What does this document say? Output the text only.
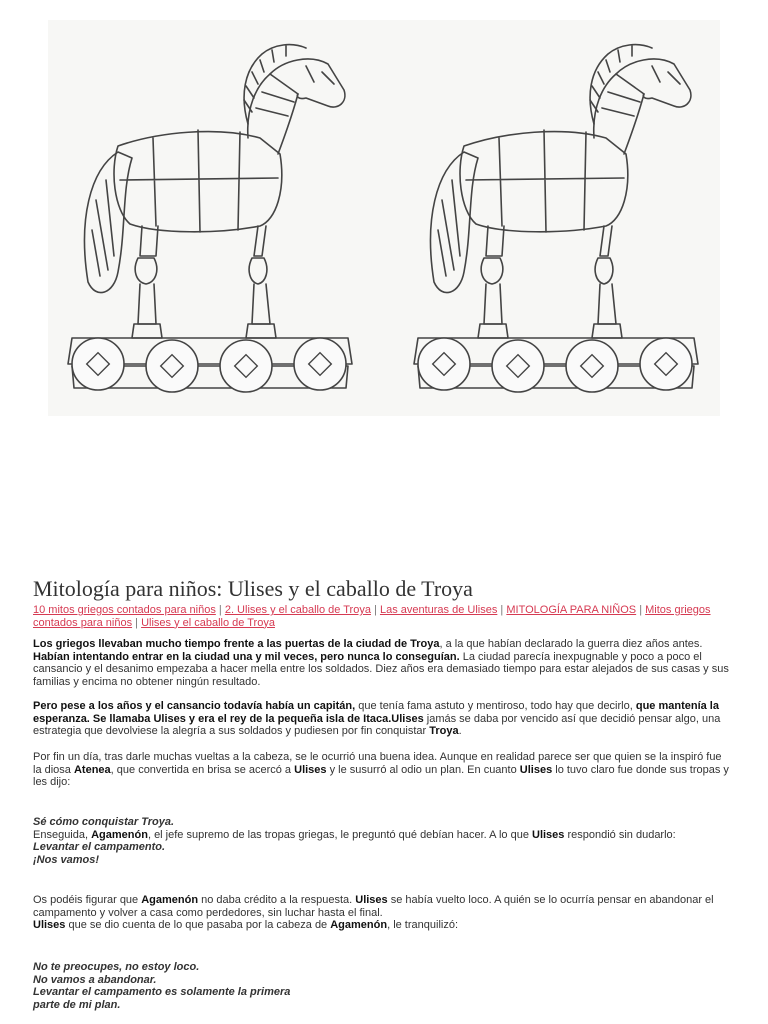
Mitología para niños: Ulises y el caballo de Troya
10 mitos griegos contados para niños | 2. Ulises y el caballo de Troya | Las aventuras de Ulises | MITOLOGÍA PARA NIÑOS | Mitos griegos contados para niños | Ulises y el caballo de Troya

Los griegos llevaban mucho tiempo frente a las puertas de la ciudad de Troya, a la que habían declarado la guerra diez años antes. Habían intentando entrar en la ciudad una y mil veces, pero nunca lo conseguían. La ciudad parecía inexpugnable y poco a poco el cansancio y el desanimo empezaba a hacer mella entre los soldados. Diez años era demasiado tiempo para estar alejados de sus casas y sus familias y encima no obtener ningún resultado.

Pero pese a los años y el cansancio todavía había un capitán, que tenía fama astuto y mentiroso, todo hay que decirlo, que mantenía la esperanza. Se llamaba Ulises y era el rey de la pequeña isla de Itaca.Ulises jamás se daba por vencido así que decidió pensar algo, una estrategia que devolviese la alegría a sus soldados y pudiesen por fin conquistar Troya.

Por fin un día, tras darle muchas vueltas a la cabeza, se le ocurrió una buena idea. Aunque en realidad parece ser que quien se la inspiró fue la diosa Atenea, que convertida en brisa se acercó a Ulises y le susurró al odio un plan. En cuanto Ulises lo tuvo claro fue donde sus tropas y les dijo:

Sé cómo conquistar Troya.
Enseguida, Agamenón, el jefe supremo de las tropas griegas, le preguntó qué debían hacer. A lo que Ulises respondió sin dudarlo:
Levantar el campamento.
¡Nos vamos!

Os podéis figurar que Agamenón no daba crédito a la respuesta. Ulises se había vuelto loco. A quién se lo ocurría pensar en abandonar el campamento y volver a casa como perdedores, sin luchar hasta el final.
Ulises que se dio cuenta de lo que pasaba por la cabeza de Agamenón, le tranquilizó:

No te preocupes, no estoy loco.
No vamos a abandonar.
Levantar el campamento es solamente la primera
parte de mi plan.
